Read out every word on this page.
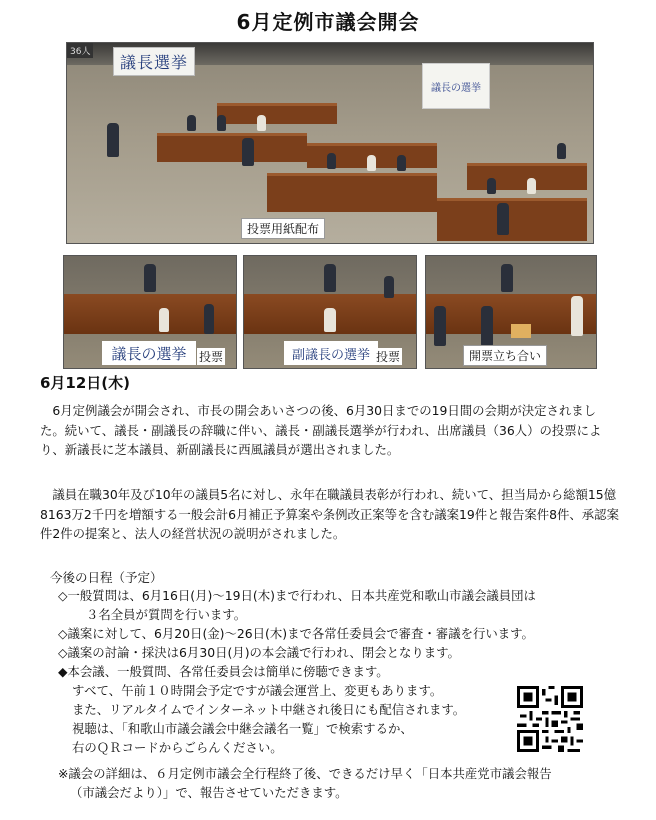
6月定例市議会開会
36人
議長選挙
議長の選挙
投票用紙配布
議長の選挙	投票	副議長の選挙 投票	開票立ち合い
6月12日(木)

6月定例議会が開会され、市長の開会あいさつの後、6月30日までの19日間の会期が決定されました。続いて、議長・副議長の辞職に伴い、議長・副議長選挙が行われ、出席議員（36人）の投票により、新議長に芝本議員、新副議長に西風議員が選出されました。

議員在職30年及び10年の議員5名に対し、永年在職議員表彰が行われ、続いて、担当局から総額15億8163万2千円を増額する一般会計6月補正予算案や条例改正案等を含む議案19件と報告案件8件、承認案件2件の提案と、法人の経営状況の説明がされました。

今後の日程（予定）
◇一般質問は、6月16日(月)～19日(木)まで行われ、日本共産党和歌山市議会議員団は
３名全員が質問を行います。
◇議案に対して、6月20日(金)～26日(木)まで各常任委員会で審査・審議を行います。
◇議案の討論・採決は6月30日(月)の本会議で行われ、閉会となります。
◆本会議、一般質問、各常任委員会は簡単に傍聴できます。
すべて、午前１０時開会予定ですが議会運営上、変更もあります。
また、リアルタイムでインターネット中継され後日にも配信されます。
視聴は、「和歌山市議会議会中継会議名一覧」で検索するか、
右のＱＲコードからごらんください。
※議会の詳細は、６月定例市議会全行程終了後、できるだけ早く「日本共産党市議会報告
（市議会だより）」で、報告させていただきます。
